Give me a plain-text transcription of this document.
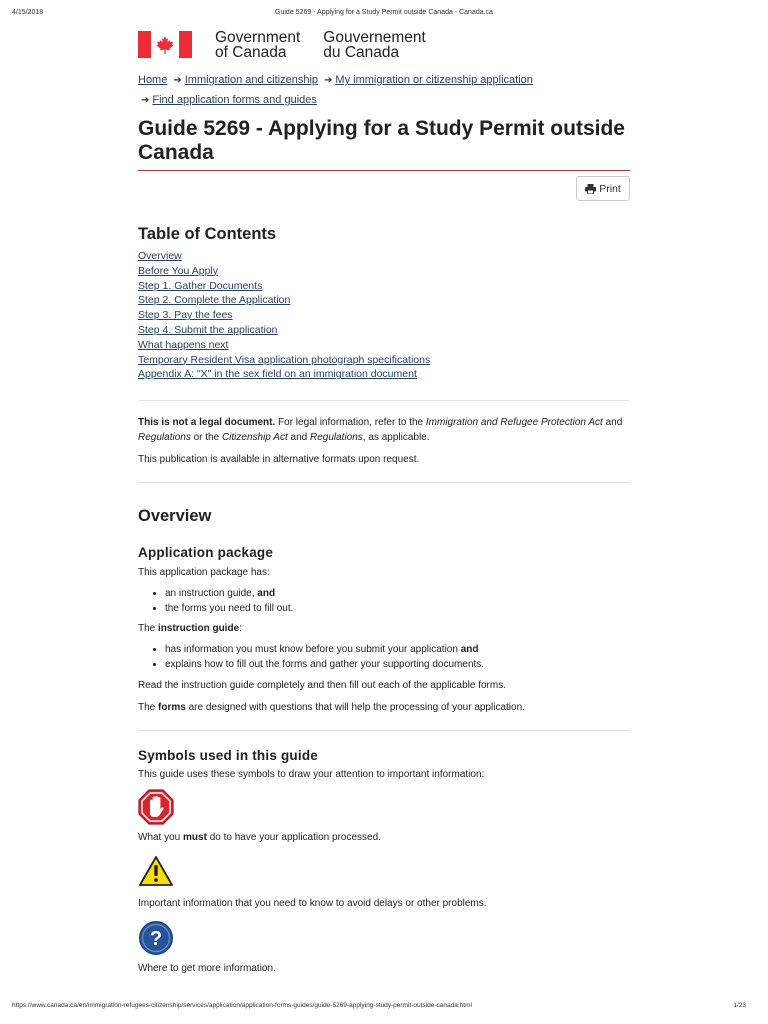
4/15/2018	Guide 5269 - Applying for a Study Permit outside Canada - Canada.ca
Government
of Canada
Gouvernement
du Canada
Home ➔ Immigration and citizenship ➔ My immigration or citizenship application
➔ Find application forms and guides
Guide 5269 - Applying for a Study Permit outside Canada
Print
Table of Contents
Overview
Before You Apply
Step 1. Gather Documents
Step 2. Complete the Application
Step 3. Pay the fees
Step 4. Submit the application
What happens next
Temporary Resident Visa application photograph specifications
Appendix A: "X" in the sex field on an immigration document

This is not a legal document. For legal information, refer to the Immigration and Refugee Protection Act and Regulations or the Citizenship Act and Regulations, as applicable.

This publication is available in alternative formats upon request.

Overview
Application package

This application package has:

• an instruction guide, and
• the forms you need to fill out.

The instruction guide:

• has information you must know before you submit your application and
• explains how to fill out the forms and gather your supporting documents.

Read the instruction guide completely and then fill out each of the applicable forms.

The forms are designed with questions that will help the processing of your application.

Symbols used in this guide

This guide uses these symbols to draw your attention to important information:

What you must do to have your application processed.

Important information that you need to know to avoid delays or other problems.

?

Where to get more information.

https://www.canada.ca/en/immigration-refugees-citizenship/services/application/application-forms-guides/guide-5269-applying-study-permit-outside-canada.html	1/23
